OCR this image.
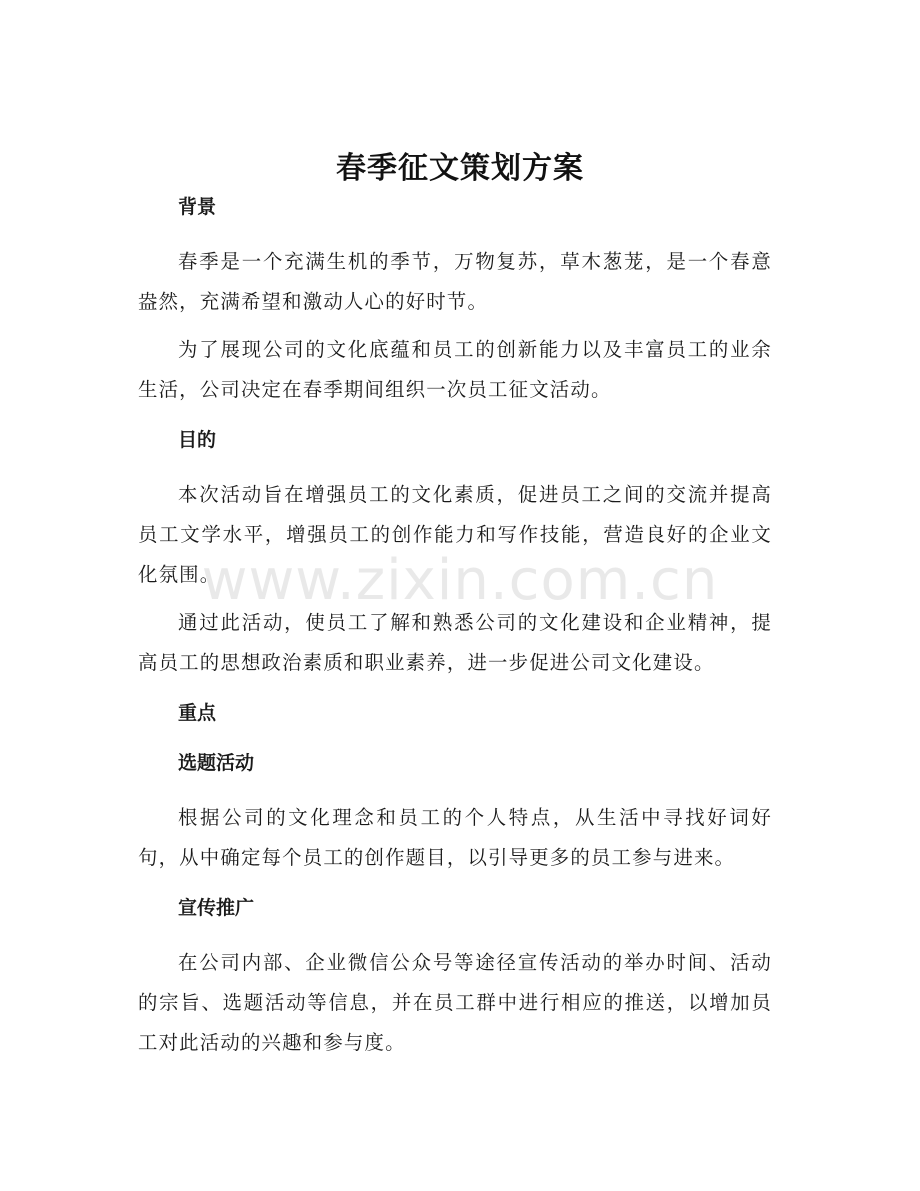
春季征文策划方案
背景

春季是一个充满生机的季节，万物复苏，草木葱茏，是一个春意盎然，充满希望和激动人心的好时节。

为了展现公司的文化底蕴和员工的创新能力以及丰富员工的业余生活，公司决定在春季期间组织一次员工征文活动。

目的

本次活动旨在增强员工的文化素质，促进员工之间的交流并提高员工文学水平，增强员工的创作能力和写作技能，营造良好的企业文化氛围。

通过此活动，使员工了解和熟悉公司的文化建设和企业精神，提高员工的思想政治素质和职业素养，进一步促进公司文化建设。

重点
选题活动

根据公司的文化理念和员工的个人特点，从生活中寻找好词好句，从中确定每个员工的创作题目，以引导更多的员工参与进来。

宣传推广

在公司内部、企业微信公众号等途径宣传活动的举办时间、活动的宗旨、选题活动等信息，并在员工群中进行相应的推送，以增加员工对此活动的兴趣和参与度。

www.zixin.com.cn
